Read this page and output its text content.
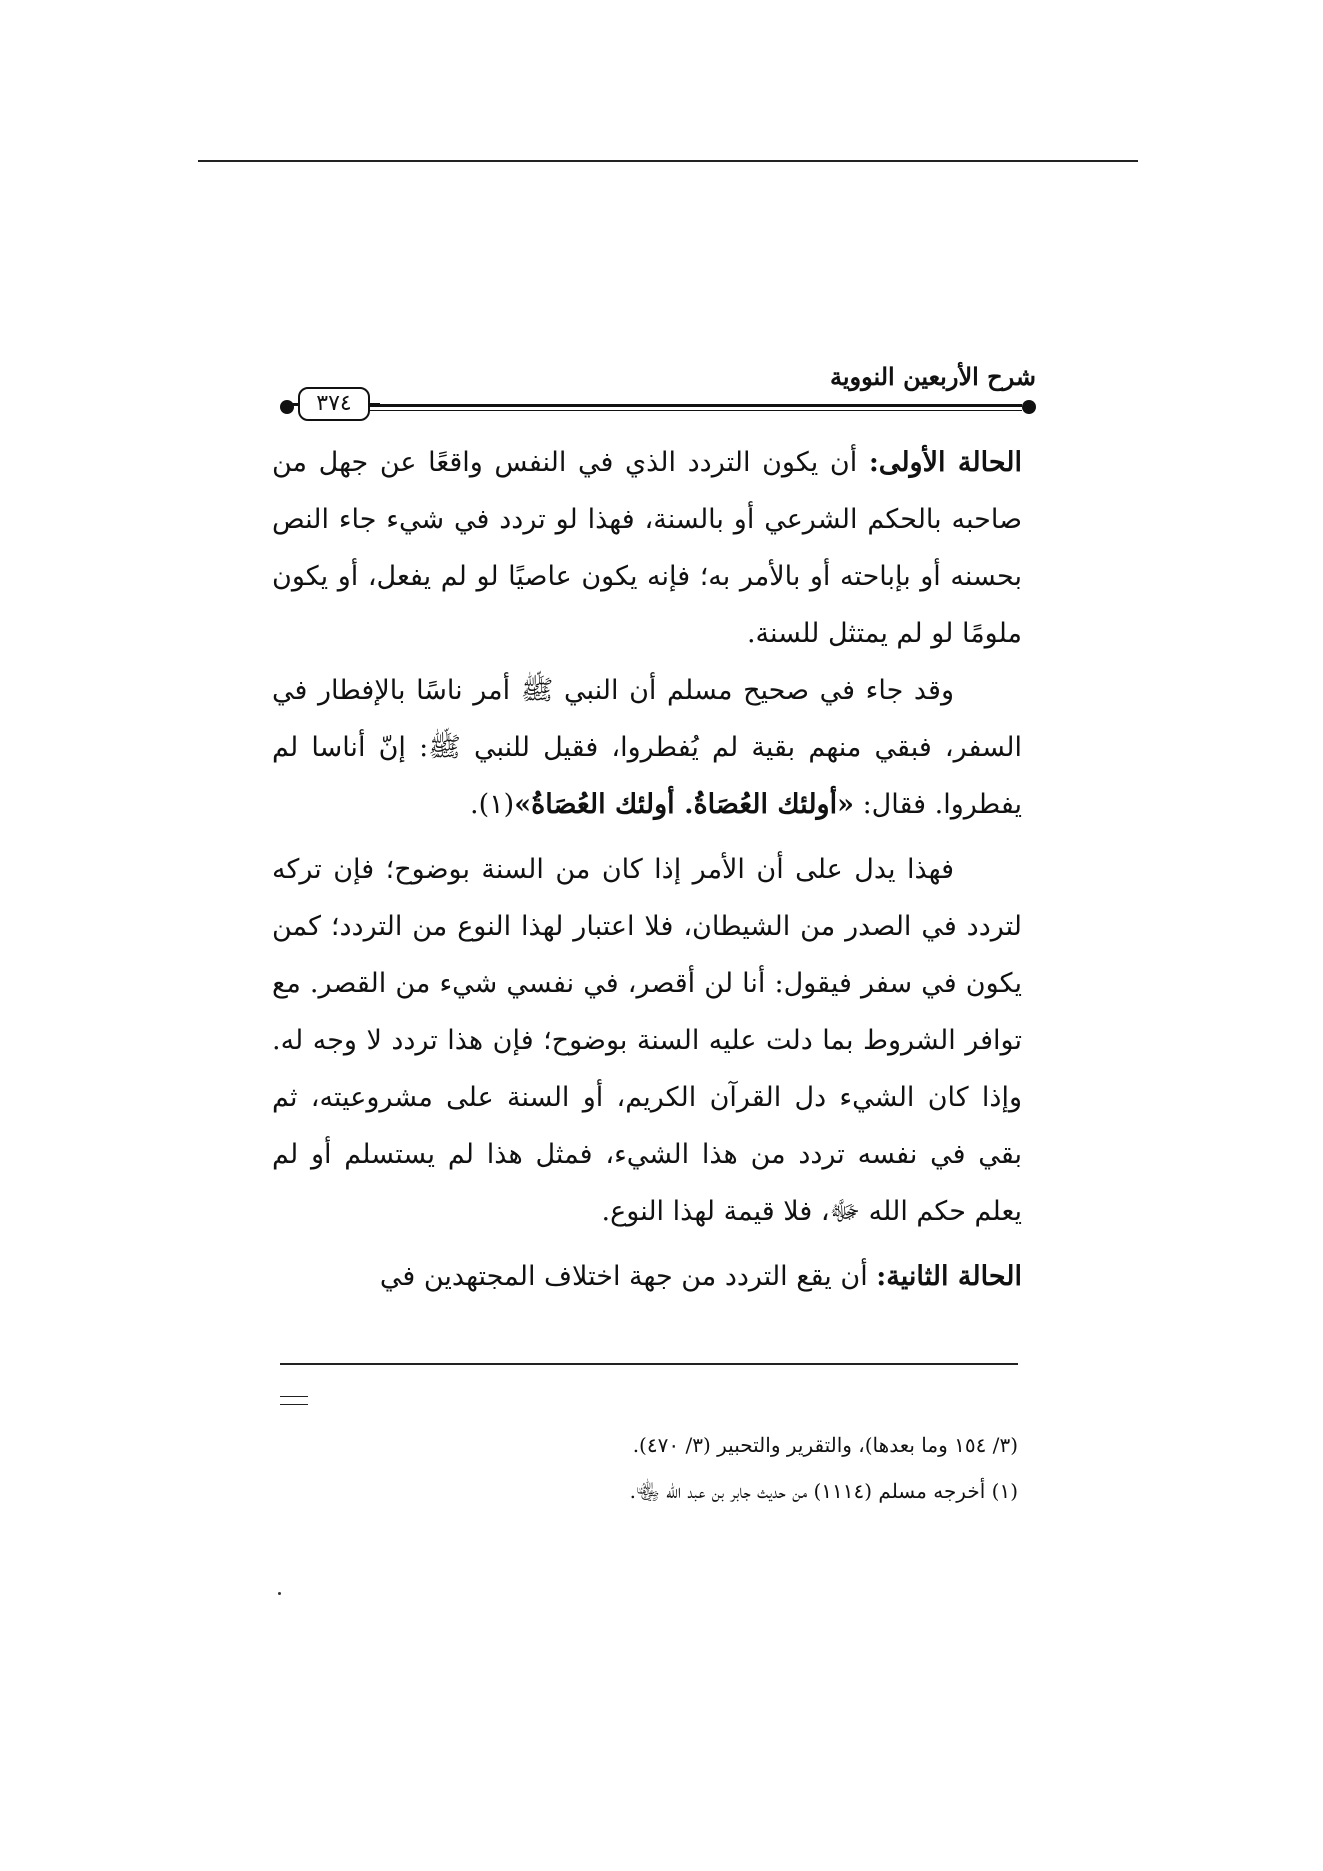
شرح الأربعين النووية
٣٧٤

الحالة الأولى: أن يكون التردد الذي في النفس واقعًا عن جهل من صاحبه بالحكم الشرعي أو بالسنة، فهذا لو تردد في شيء جاء النص بحسنه أو بإباحته أو بالأمر به؛ فإنه يكون عاصيًا لو لم يفعل، أو يكون ملومًا لو لم يمتثل للسنة.

وقد جاء في صحيح مسلم أن النبي ﷺ أمر ناسًا بالإفطار في السفر، فبقي منهم بقية لم يُفطروا، فقيل للنبي ﷺ: إنّ أناسا لم يفطروا. فقال: «أولئك العُصَاةُ. أولئك العُصَاةُ»(١).

فهذا يدل على أن الأمر إذا كان من السنة بوضوح؛ فإن تركه لتردد في الصدر من الشيطان، فلا اعتبار لهذا النوع من التردد؛ كمن يكون في سفر فيقول: أنا لن أقصر، في نفسي شيء من القصر. مع توافر الشروط بما دلت عليه السنة بوضوح؛ فإن هذا تردد لا وجه له. وإذا كان الشيء دل القرآن الكريم، أو السنة على مشروعيته، ثم بقي في نفسه تردد من هذا الشيء، فمثل هذا لم يستسلم أو لم يعلم حكم الله ﷻ، فلا قيمة لهذا النوع.

الحالة الثانية: أن يقع التردد من جهة اختلاف المجتهدين في

(٣/ ١٥٤ وما بعدها)، والتقرير والتحبير (٣/ ٤٧٠).

(١) أخرجه مسلم (١١١٤) من حديث جابر بن عبد الله ﵄.
